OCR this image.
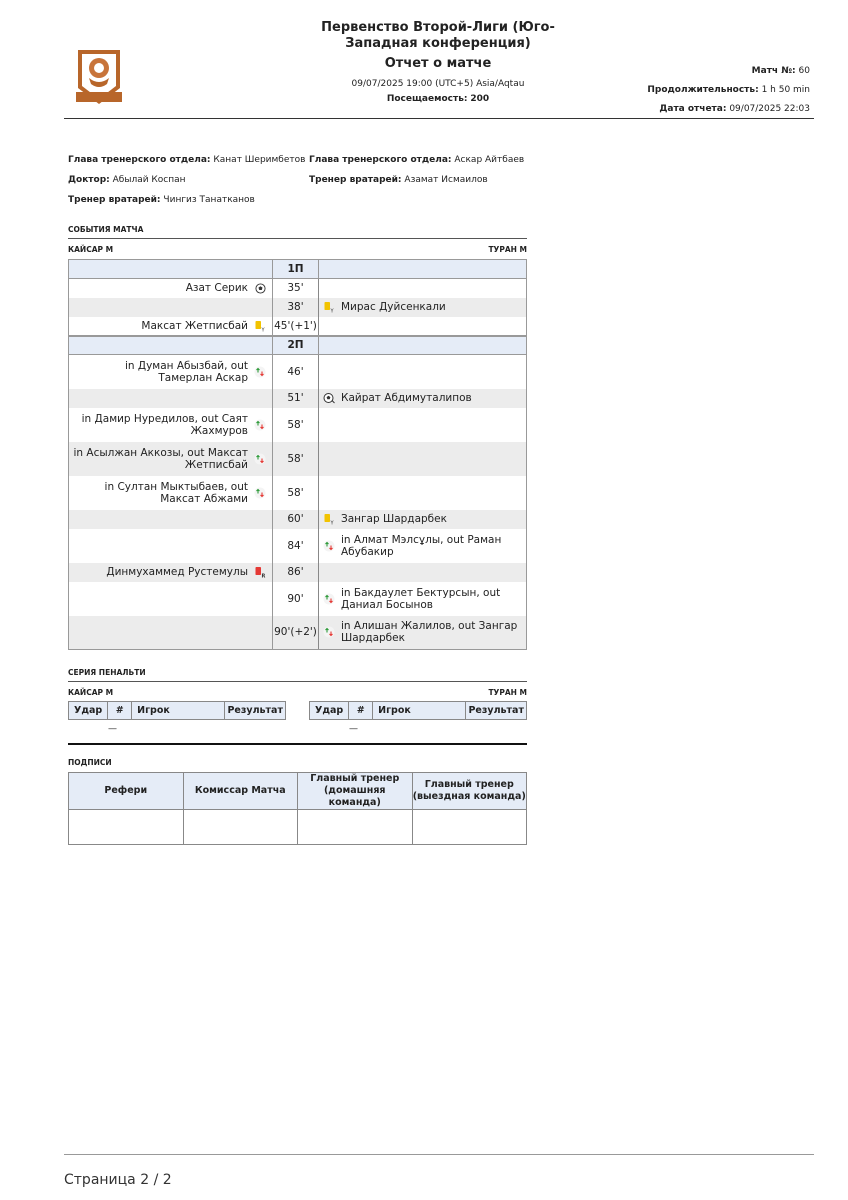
Первенство Второй-Лиги (Юго-Западная конференция)
Отчет о матче
09/07/2025 19:00 (UTC+5) Asia/Aqtau
Посещаемость: 200
Матч №: 60
Продолжительность: 1 h 50 min
Дата отчета: 09/07/2025 22:03
Глава тренерского отдела: Канат Шеримбетов
Доктор: Абылай Коспан
Тренер вратарей: Чингиз Танатканов
Глава тренерского отдела: Аскар Айтбаев
Тренер вратарей: Азамат Исмаилов
СОБЫТИЯ МАТЧА
КАЙСАР М	ТУРАН М
	1П	

Азат Серик	35'	
	38'	Y Мирас Дуйсенкали

Максат Жетписбай Y	45'(+1')	
	2П	

in Думан Абызбай, out Тамерлан Аскар	46'	
	51'	Кайрат Абдимуталипов

in Дамир Нуредилов, out Саят Жахмуров	58'	

in Асылжан Аккозы, out Максат Жетписбай	58'	

in Султан Мыктыбаев, out Максат Абжами	58'	
	60'	Y Зангар Шардарбек

	84'	in Алмат Мэлсұлы, out Раман Абубакир

Динмухаммед Рустемулы R	86'	
	90'	in Бакдаулет Бектурсын, out Даниал Босынов

	90'(+2')	in Алишан Жалилов, out Зангар Шардарбек
СЕРИЯ ПЕНАЛЬТИ
КАЙСАР М	ТУРАН М
Удар	#	Игрок	Результат	Удар	#	Игрок	Результат
—	—
ПОДПИСИ
Рефери	Комиссар Матча	Главный тренер (домашняя команда)	Главный тренер (выездная команда)

Страница 2 / 2
